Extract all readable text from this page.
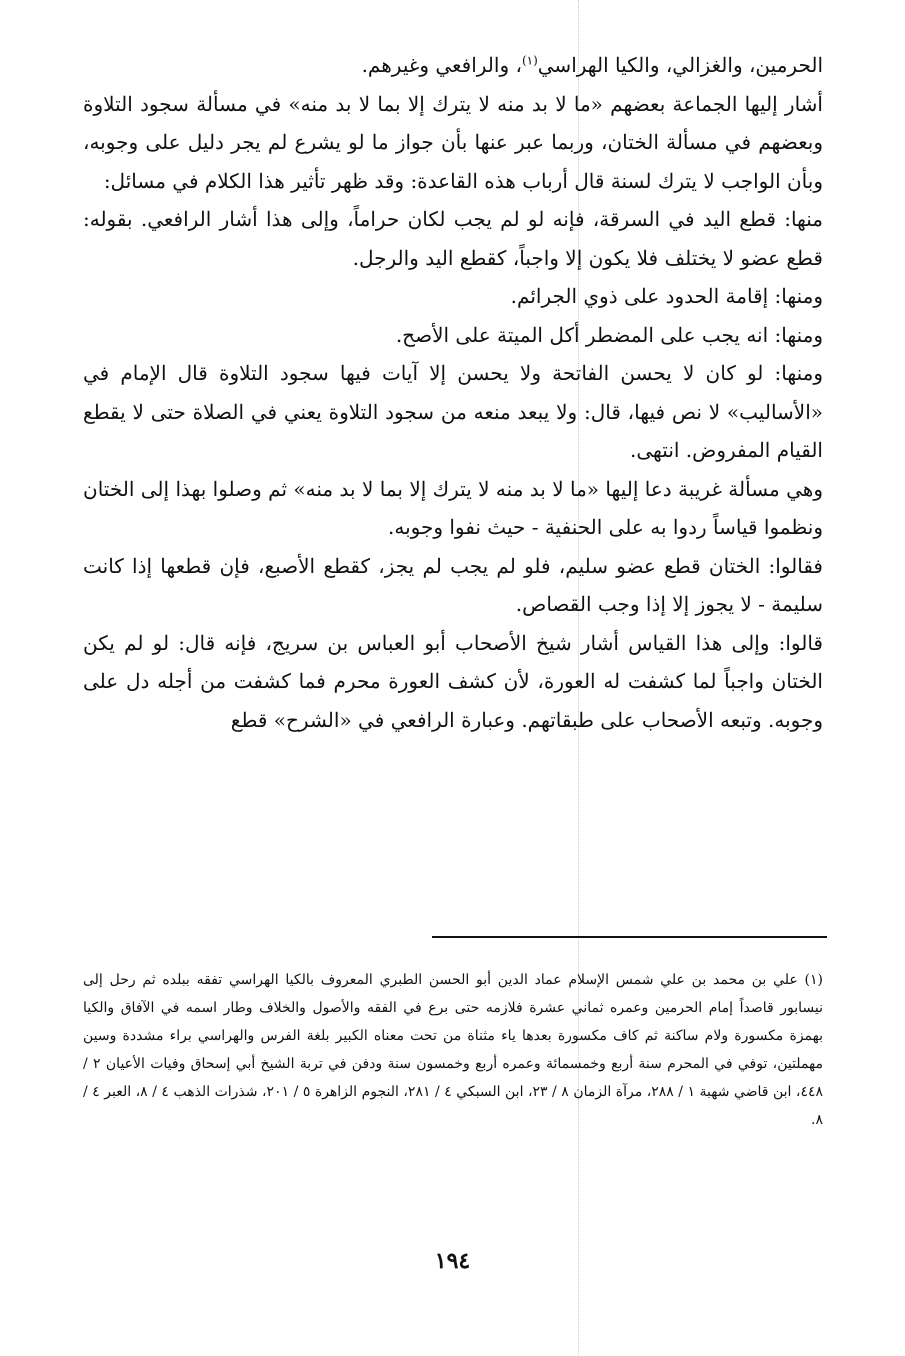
الحرمين، والغزالي، والكيا الهراسي$^{(١)}$، والرافعي وغيرهم.

أشار إليها الجماعة بعضهم «ما لا بد منه لا يترك إلا بما لا بد منه» في مسألة سجود التلاوة وبعضهم في مسألة الختان، وربما عبر عنها بأن جواز ما لو يشرع لم يجر دليل على وجوبه، وبأن الواجب لا يترك لسنة قال أرباب هذه القاعدة: وقد ظهر تأثير هذا الكلام في مسائل:

منها: قطع اليد في السرقة، فإنه لو لم يجب لكان حراماً، وإلى هذا أشار الرافعي. بقوله: قطع عضو لا يختلف فلا يكون إلا واجباً، كقطع اليد والرجل.

ومنها: إقامة الحدود على ذوي الجرائم.

ومنها: انه يجب على المضطر أكل الميتة على الأصح.

ومنها: لو كان لا يحسن الفاتحة ولا يحسن إلا آيات فيها سجود التلاوة قال الإمام في «الأساليب» لا نص فيها، قال: ولا يبعد منعه من سجود التلاوة يعني في الصلاة حتى لا يقطع القيام المفروض. انتهى.

وهي مسألة غريبة دعا إليها «ما لا بد منه لا يترك إلا بما لا بد منه» ثم وصلوا بهذا إلى الختان ونظموا قياساً ردوا به على الحنفية - حيث نفوا وجوبه.

فقالوا: الختان قطع عضو سليم، فلو لم يجب لم يجز، كقطع الأصبع، فإن قطعها إذا كانت سليمة - لا يجوز إلا إذا وجب القصاص.

قالوا: وإلى هذا القياس أشار شيخ الأصحاب أبو العباس بن سريج، فإنه قال: لو لم يكن الختان واجباً لما كشفت له العورة، لأن كشف العورة محرم فما كشفت من أجله دل على وجوبه. وتبعه الأصحاب على طبقاتهم. وعبارة الرافعي في «الشرح» قطع

(١) علي بن محمد بن علي شمس الإسلام عماد الدين أبو الحسن الطبري المعروف بالكيا الهراسي تفقه ببلده ثم رحل إلى نيسابور قاصداً إمام الحرمين وعمره ثماني عشرة فلازمه حتى برع في الفقه والأصول والخلاف وطار اسمه في الآفاق والكيا بهمزة مكسورة ولام ساكنة ثم كاف مكسورة بعدها ياء مثناة من تحت معناه الكبير بلغة الفرس والهراسي براء مشددة وسين مهملتين، توفي في المحرم سنة أربع وخمسمائة وعمره أربع وخمسون سنة ودفن في تربة الشيخ أبي إسحاق وفيات الأعيان ٢ / ٤٤٨، ابن قاضي شهبة ١ / ٢٨٨، مرآة الزمان ٨ / ٢٣، ابن السبكي ٤ / ٢٨١، النجوم الزاهرة ٥ / ٢٠١، شذرات الذهب ٤ / ٨، العبر ٤ / ٨.

١٩٤
